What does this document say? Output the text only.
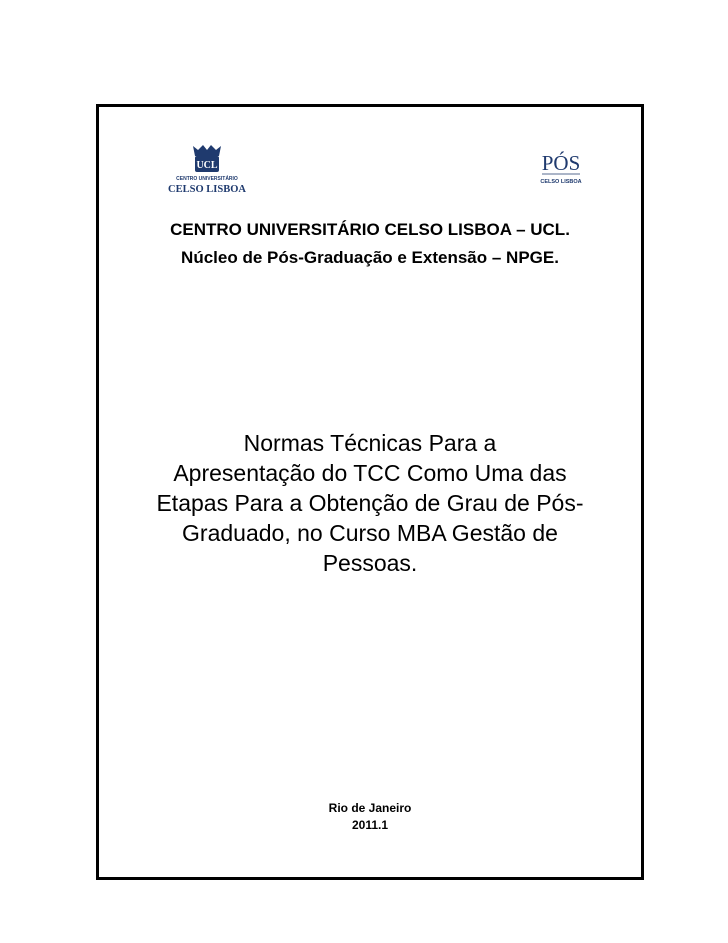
UCL
CENTRO UNIVERSITÁRIO
CELSO LISBOA
PÓS
CELSO LISBOA
CENTRO UNIVERSITÁRIO CELSO LISBOA – UCL.
Núcleo de Pós-Graduação e Extensão – NPGE.
Normas Técnicas Para a
Apresentação do TCC Como Uma das
Etapas Para a Obtenção de Grau de Pós-
Graduado, no Curso MBA Gestão de
Pessoas.
Rio de Janeiro
2011.1
